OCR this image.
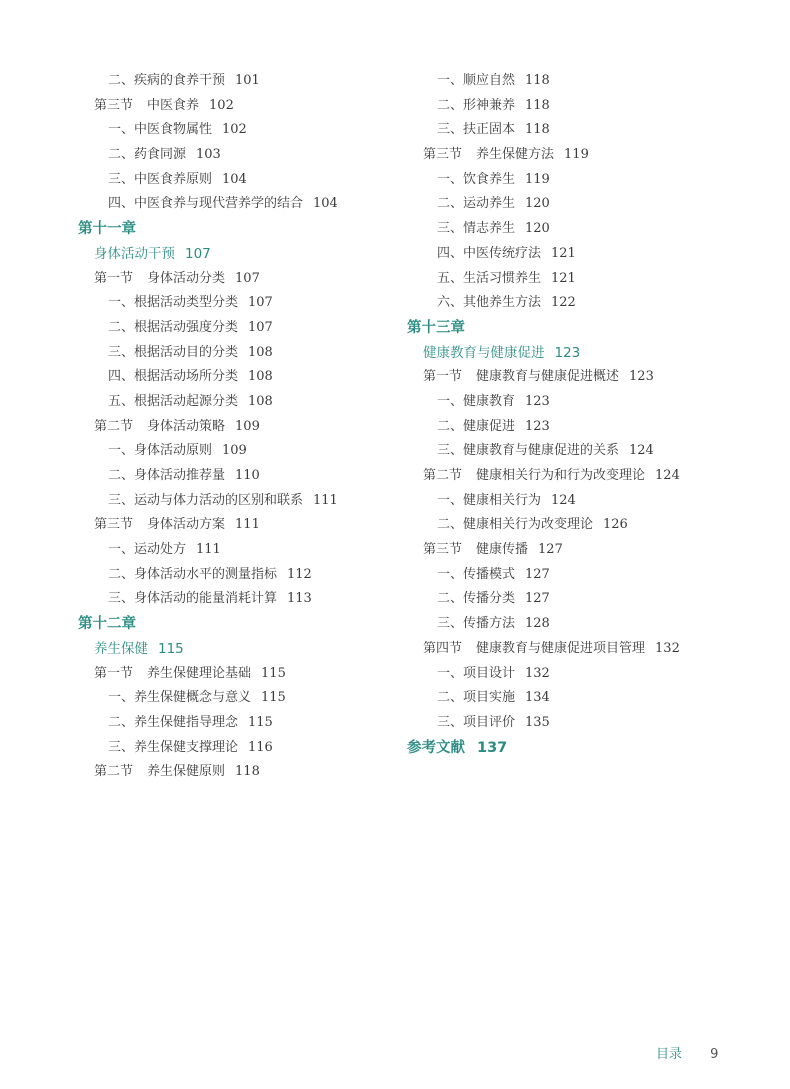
二、疾病的食养干预 101
第三节 中医食养 102
一、中医食物属性 102
二、药食同源 103
三、中医食养原则 104
四、中医食养与现代营养学的结合 104
第十一章
身体活动干预 107
第一节 身体活动分类 107
一、根据活动类型分类 107
二、根据活动强度分类 107
三、根据活动目的分类 108
四、根据活动场所分类 108
五、根据活动起源分类 108
第二节 身体活动策略 109
一、身体活动原则 109
二、身体活动推荐量 110
三、运动与体力活动的区别和联系 111
第三节 身体活动方案 111
一、运动处方 111
二、身体活动水平的测量指标 112
三、身体活动的能量消耗计算 113
第十二章
养生保健 115
第一节 养生保健理论基础 115
一、养生保健概念与意义 115
二、养生保健指导理念 115
三、养生保健支撑理论 116
第二节 养生保健原则 118
一、顺应自然 118
二、形神兼养 118
三、扶正固本 118
第三节 养生保健方法 119
一、饮食养生 119
二、运动养生 120
三、情志养生 120
四、中医传统疗法 121
五、生活习惯养生 121
六、其他养生方法 122
第十三章
健康教育与健康促进 123
第一节 健康教育与健康促进概述 123
一、健康教育 123
二、健康促进 123
三、健康教育与健康促进的关系 124
第二节 健康相关行为和行为改变理论 124
一、健康相关行为 124
二、健康相关行为改变理论 126
第三节 健康传播 127
一、传播模式 127
二、传播分类 127
三、传播方法 128
第四节 健康教育与健康促进项目管理 132
一、项目设计 132
二、项目实施 134
三、项目评价 135
参考文献 137
目录 9
